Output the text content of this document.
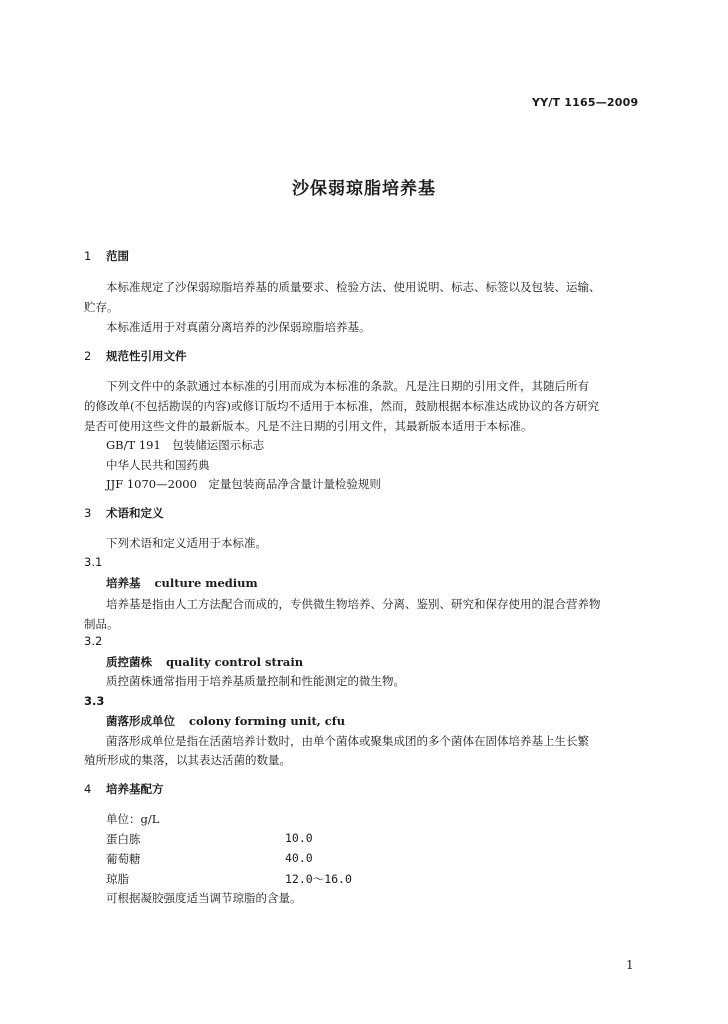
YY/T 1165—2009
沙保弱琼脂培养基
1 范围
本标准规定了沙保弱琼脂培养基的质量要求、检验方法、使用说明、标志、标签以及包装、运输、
贮存。
本标准适用于对真菌分离培养的沙保弱琼脂培养基。
2 规范性引用文件
下列文件中的条款通过本标准的引用而成为本标准的条款。凡是注日期的引用文件，其随后所有
的修改单(不包括勘误的内容)或修订版均不适用于本标准，然而，鼓励根据本标准达成协议的各方研究
是否可使用这些文件的最新版本。凡是不注日期的引用文件，其最新版本适用于本标准。
GB/T 191　包装储运图示标志
中华人民共和国药典
JJF 1070—2000　定量包装商品净含量计量检验规则
3 术语和定义
下列术语和定义适用于本标准。
3.1
培养基 culture medium
培养基是指由人工方法配合而成的，专供微生物培养、分离、鉴别、研究和保存使用的混合营养物
制品。
3.2
质控菌株 quality control strain
质控菌株通常指用于培养基质量控制和性能测定的微生物。
3.3
菌落形成单位 colony forming unit, cfu
菌落形成单位是指在活菌培养计数时，由单个菌体或聚集成团的多个菌体在固体培养基上生长繁
殖所形成的集落，以其表达活菌的数量。
4 培养基配方
单位：g/L
蛋白胨	10.0
葡萄糖	40.0
琼脂	12.0～16.0
可根据凝胶强度适当调节琼脂的含量。
1
